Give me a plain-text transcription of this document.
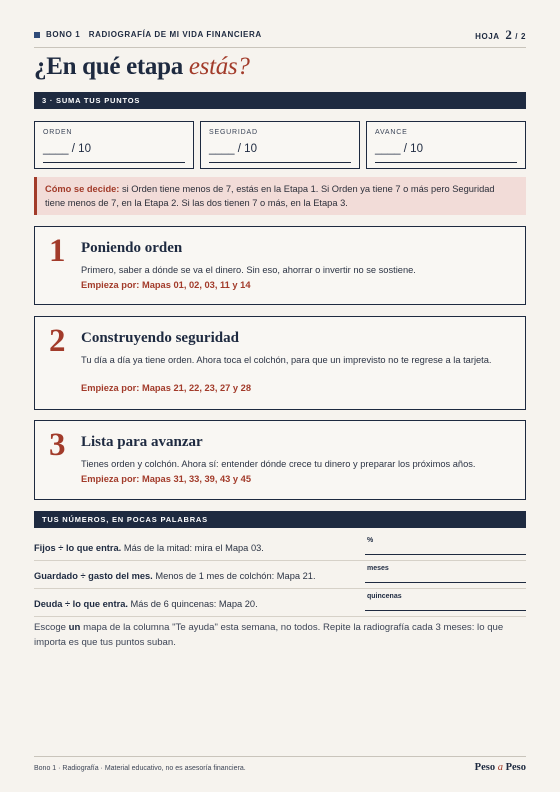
BONO 1 RADIOGRAFÍA DE MI VIDA FINANCIERA	HOJA 2 / 2
¿En qué etapa estás?
3 · SUMA TUS PUNTOS
ORDEN
____ / 10
SEGURIDAD
____ / 10
AVANCE
____ / 10
Cómo se decide: si Orden tiene menos de 7, estás en la Etapa 1. Si Orden ya tiene 7 o más pero Seguridad
tiene menos de 7, en la Etapa 2. Si las dos tienen 7 o más, en la Etapa 3.
1 Poniendo orden
Primero, saber a dónde se va el dinero. Sin eso, ahorrar o invertir no se sostiene.
Empieza por: Mapas 01, 02, 03, 11 y 14
2 Construyendo seguridad
Tu día a día ya tiene orden. Ahora toca el colchón, para que un imprevisto no te regrese a la tarjeta.
Empieza por: Mapas 21, 22, 23, 27 y 28
3 Lista para avanzar
Tienes orden y colchón. Ahora sí: entender dónde crece tu dinero y preparar los próximos años.
Empieza por: Mapas 31, 33, 39, 43 y 45
TUS NÚMEROS, EN POCAS PALABRAS
Fijos ÷ lo que entra. Más de la mitad: mira el Mapa 03.
%
Guardado ÷ gasto del mes. Menos de 1 mes de colchón: Mapa 21.
meses
Deuda ÷ lo que entra. Más de 6 quincenas: Mapa 20.
quincenas
Escoge un mapa de la columna "Te ayuda" esta semana, no todos. Repite la radiografía cada 3 meses: lo que importa es que tus puntos suban.
Bono 1 · Radiografía · Material educativo, no es asesoría financiera.	Peso a Peso
